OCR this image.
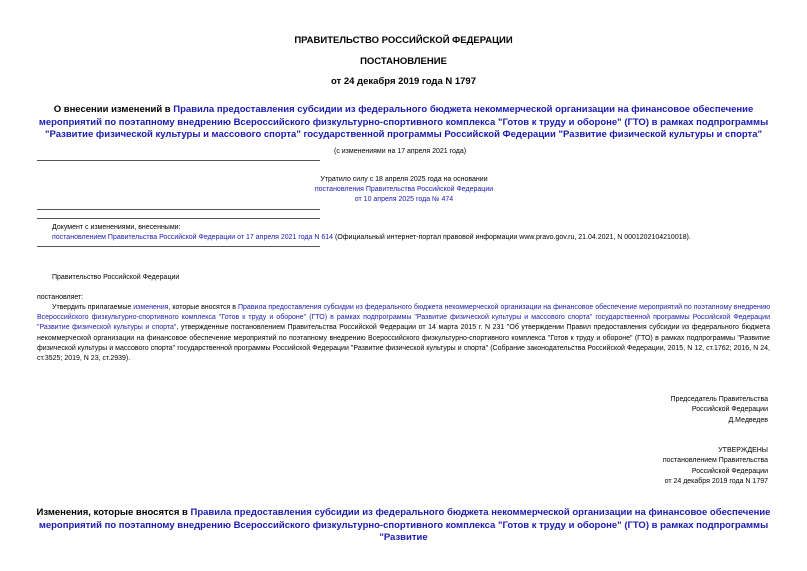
ПРАВИТЕЛЬСТВО РОССИЙСКОЙ ФЕДЕРАЦИИ
ПОСТАНОВЛЕНИЕ
от 24 декабря 2019 года N 1797
О внесении изменений в Правила предоставления субсидии из федерального бюджета некоммерческой организации на финансовое обеспечение мероприятий по поэтапному внедрению Всероссийского физкультурно-спортивного комплекса "Готов к труду и обороне" (ГТО) в рамках подпрограммы "Развитие физической культуры и массового спорта" государственной программы Российской Федерации "Развитие физической культуры и спорта"
(с изменениями на 17 апреля 2021 года)
Утратило силу с 18 апреля 2025 года на основании
постановления Правительства Российской Федерации
от 10 апреля 2025 года № 474
Документ с изменениями, внесенными:
постановлением Правительства Российской Федерации от 17 апреля 2021 года N 614 (Официальный интернет-портал правовой информации www.pravo.gov.ru, 21.04.2021, N 0001202104210018).
Правительство Российской Федерации
постановляет:
Утвердить прилагаемые изменения, которые вносятся в Правила предоставления субсидии из федерального бюджета некоммерческой организации на финансовое обеспечение мероприятий по поэтапному внедрению Всероссийского физкультурно-спортивного комплекса "Готов к труду и обороне" (ГТО) в рамках подпрограммы "Развитие физической культуры и массового спорта" государственной программы Российской Федерации "Развитие физической культуры и спорта", утвержденные постановлением Правительства Российской Федерации от 14 марта 2015 г. N 231 "Об утверждении Правил предоставления субсидии из федерального бюджета некоммерческой организации на финансовое обеспечение мероприятий по поэтапному внедрению Всероссийского физкультурно-спортивного комплекса "Готов к труду и обороне" (ГТО) в рамках подпрограммы "Развитие физической культуры и массового спорта" государственной программы Российской Федерации "Развитие физической культуры и спорта" (Собрание законодательства Российской Федерации, 2015, N 12, ст.1762; 2016, N 24, ст.3525; 2019, N 23, ст.2939).
Председатель Правительства
Российской Федерации
Д.Медведев
УТВЕРЖДЕНЫ
постановлением Правительства
Российской Федерации
от 24 декабря 2019 года N 1797
Изменения, которые вносятся в Правила предоставления субсидии из федерального бюджета некоммерческой организации на финансовое обеспечение мероприятий по поэтапному внедрению Всероссийского физкультурно-спортивного комплекса "Готов к труду и обороне" (ГТО) в рамках подпрограммы "Развитие
